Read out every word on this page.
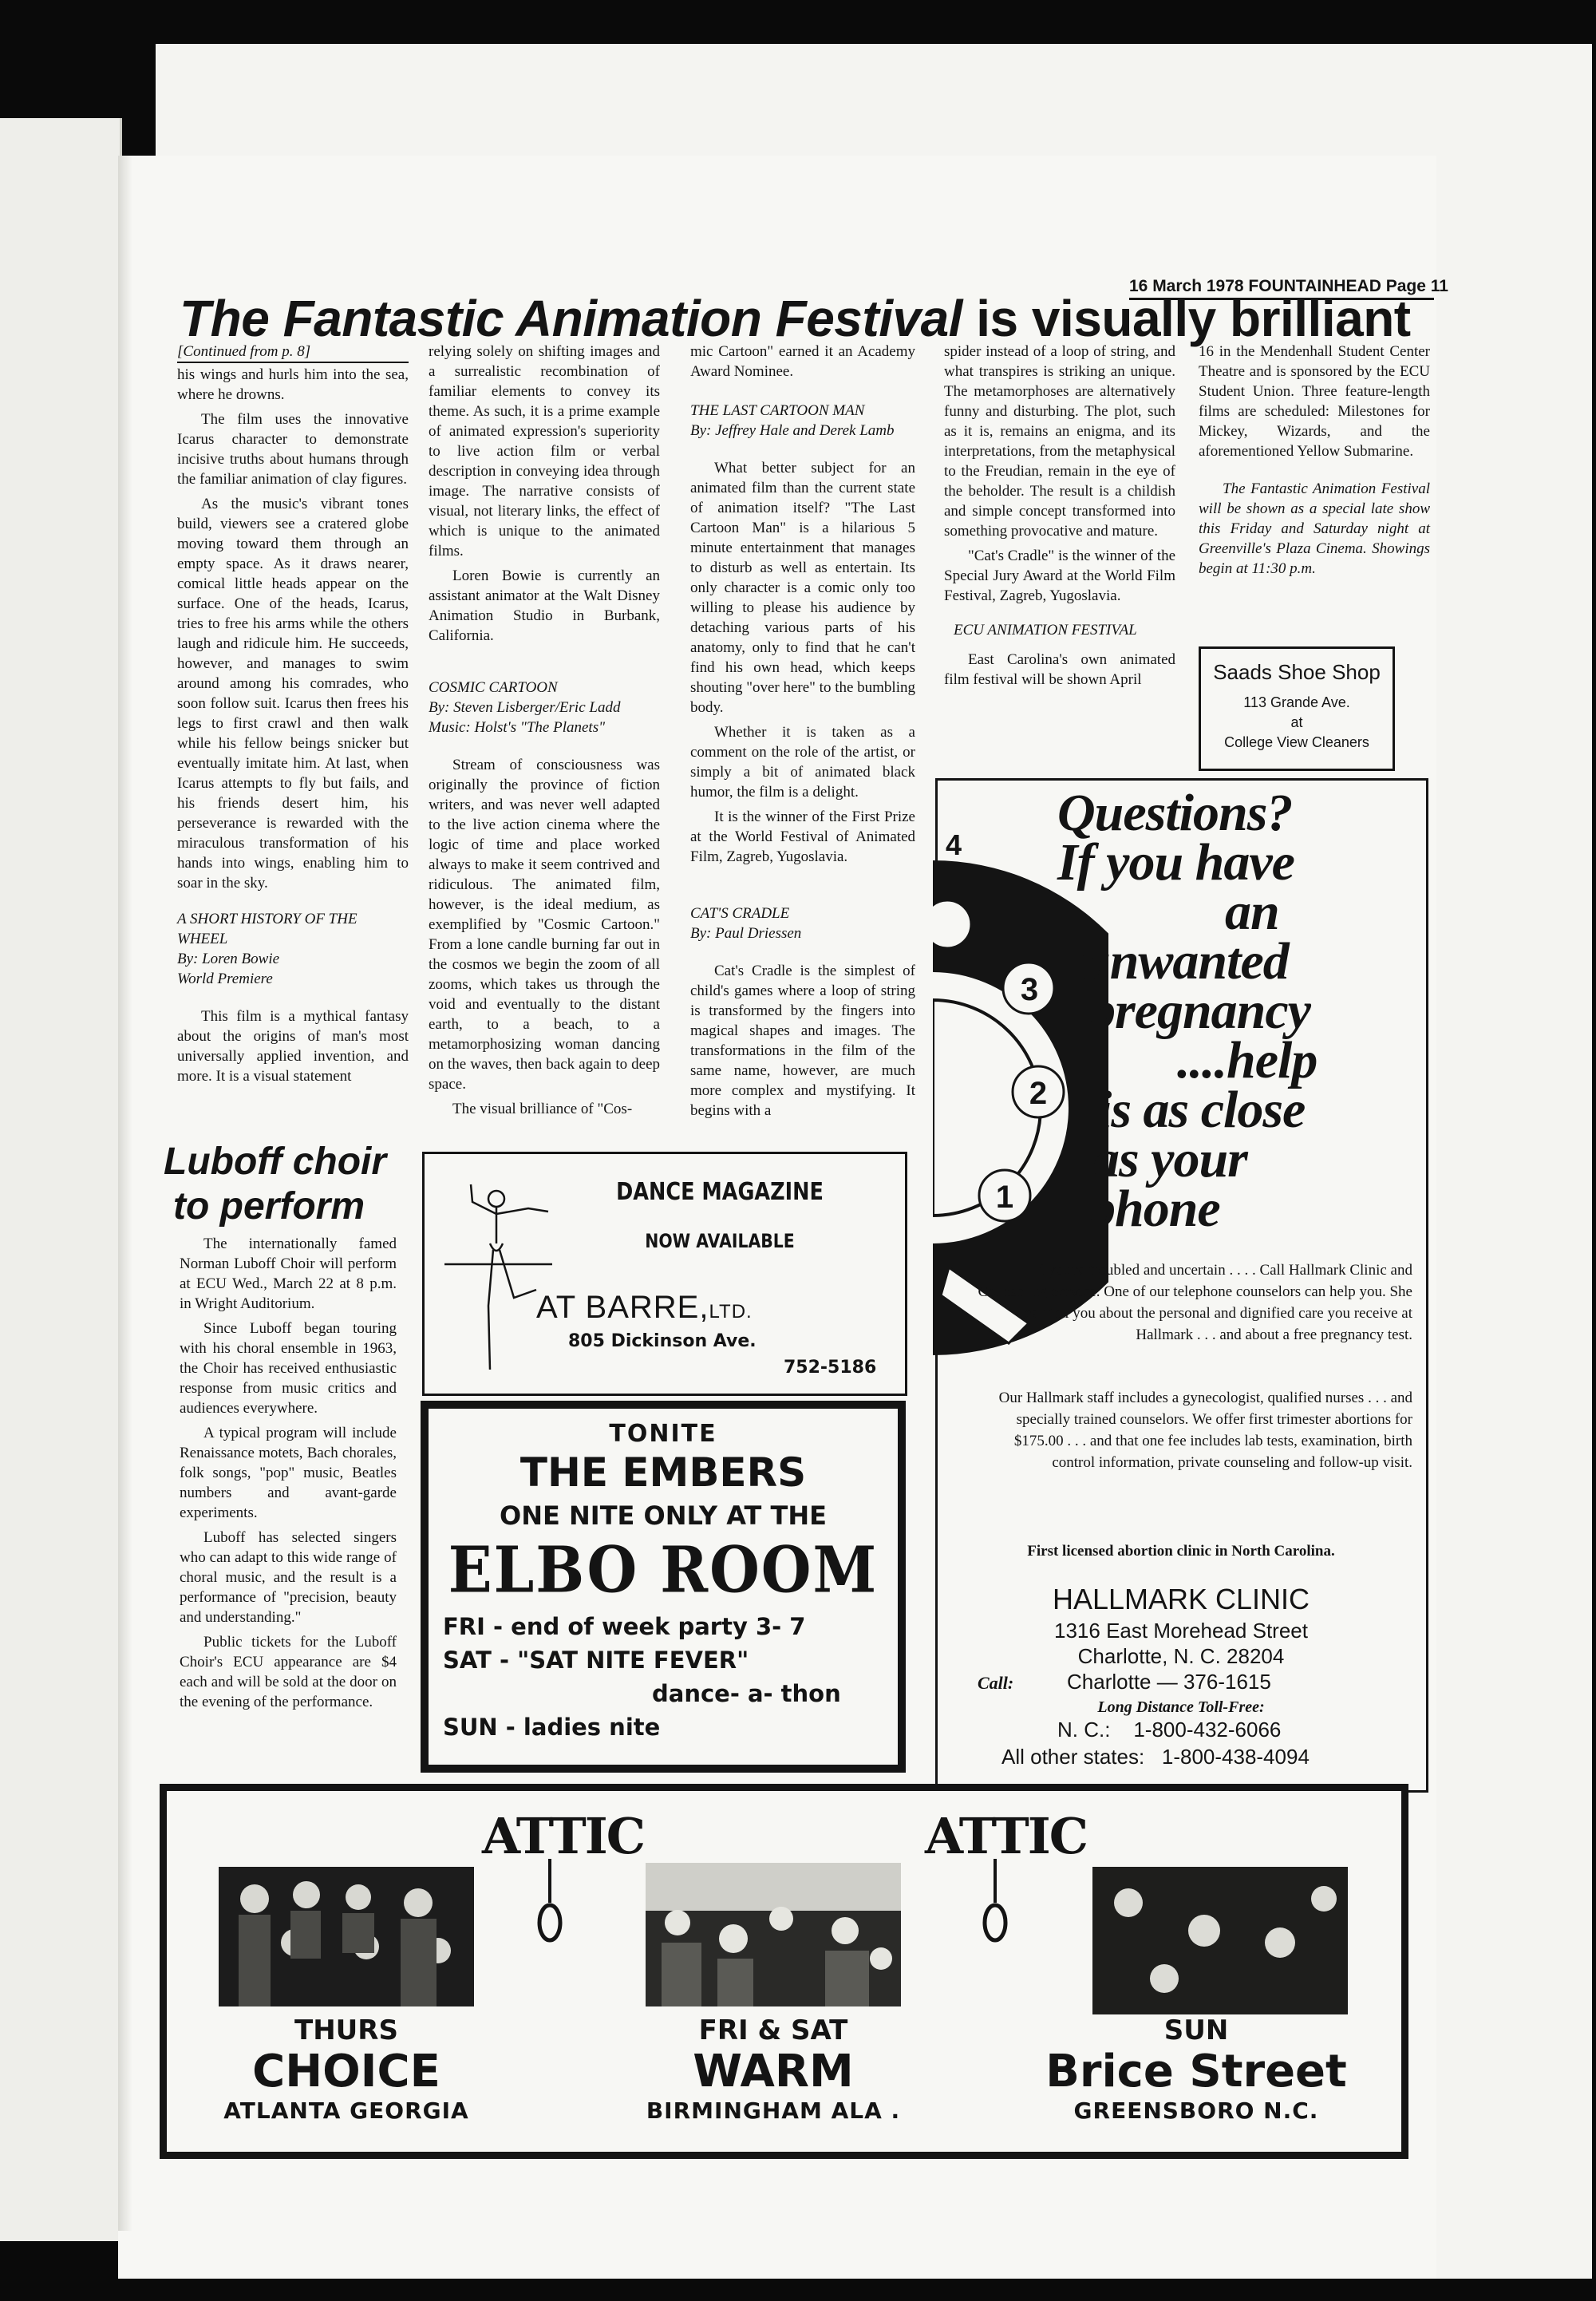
16 March 1978 FOUNTAINHEAD Page 11
The Fantastic Animation Festival is visually brilliant

[Continued from p. 8]

his wings and hurls him into the sea, where he drowns.

The film uses the innovative Icarus character to demonstrate incisive truths about humans through the familiar animation of clay figures.

As the music's vibrant tones build, viewers see a cratered globe moving toward them through an empty space. As it draws nearer, comical little heads appear on the surface. One of the heads, Icarus, tries to free his arms while the others laugh and ridicule him. He succeeds, however, and manages to swim around among his comrades, who soon follow suit. Icarus then frees his legs to first crawl and then walk while his fellow beings snicker but eventually imitate him. At last, when Icarus attempts to fly but fails, and his friends desert him, his perseverance is rewarded with the miraculous transformation of his hands into wings, enabling him to soar in the sky.

A SHORT HISTORY OF THE WHEEL

By: Loren Bowie

World Premiere

This film is a mythical fantasy about the origins of man's most universally applied invention, and more. It is a visual statement

Luboff choir
to perform

The internationally famed Norman Luboff Choir will perform at ECU Wed., March 22 at 8 p.m. in Wright Auditorium.

Since Luboff began touring with his choral ensemble in 1963, the Choir has received enthusiastic response from music critics and audiences everywhere.

A typical program will include Renaissance motets, Bach chorales, folk songs, "pop" music, Beatles numbers and avant-garde experiments.

Luboff has selected singers who can adapt to this wide range of choral music, and the result is a performance of "precision, beauty and understanding."

Public tickets for the Luboff Choir's ECU appearance are $4 each and will be sold at the door on the evening of the performance.

relying solely on shifting images and a surrealistic recombination of familiar elements to convey its theme. As such, it is a prime example of animated expression's superiority to live action film or verbal description in conveying idea through image. The narrative consists of visual, not literary links, the effect of which is unique to the animated films.

Loren Bowie is currently an assistant animator at the Walt Disney Animation Studio in Burbank, California.

COSMIC CARTOON

By: Steven Lisberger/Eric Ladd

Music: Holst's "The Planets"

Stream of consciousness was originally the province of fiction writers, and was never well adapted to the live action cinema where the logic of time and place worked always to make it seem contrived and ridiculous. The animated film, however, is the ideal medium, as exemplified by "Cosmic Cartoon." From a lone candle burning far out in the cosmos we begin the zoom of all zooms, which takes us through the void and eventually to the distant earth, to a beach, to a metamorphosizing woman dancing on the waves, then back again to deep space.

The visual brilliance of "Cos-

mic Cartoon" earned it an Academy Award Nominee.

THE LAST CARTOON MAN

By: Jeffrey Hale and Derek Lamb

What better subject for an animated film than the current state of animation itself? "The Last Cartoon Man" is a hilarious 5 minute entertainment that manages to disturb as well as entertain. Its only character is a comic only too willing to please his audience by detaching various parts of his anatomy, only to find that he can't find his own head, which keeps shouting "over here" to the bumbling body.

Whether it is taken as a comment on the role of the artist, or simply a bit of animated black humor, the film is a delight.

It is the winner of the First Prize at the World Festival of Animated Film, Zagreb, Yugoslavia.

CAT'S CRADLE

By: Paul Driessen

Cat's Cradle is the simplest of child's games where a loop of string is transformed by the fingers into magical shapes and images. The transformations in the film of the same name, however, are much more complex and mystifying. It begins with a

spider instead of a loop of string, and what transpires is striking an unique. The metamorphoses are alternatively funny and disturbing. The plot, such as it is, remains an enigma, and its interpretations, from the metaphysical to the Freudian, remain in the eye of the beholder. The result is a childish and simple concept transformed into something provocative and mature.

"Cat's Cradle" is the winner of the Special Jury Award at the World Film Festival, Zagreb, Yugoslavia.

ECU ANIMATION FESTIVAL

East Carolina's own animated film festival will be shown April

16 in the Mendenhall Student Center Theatre and is sponsored by the ECU Student Union. Three feature-length films are scheduled: Milestones for Mickey, Wizards, and the aforementioned Yellow Submarine.

The Fantastic Animation Festival will be shown as a special late show this Friday and Saturday night at Greenville's Plaza Cinema. Showings begin at 11:30 p.m.

Saads Shoe Shop
113 Grande Ave.
at
College View Cleaners
DANCE MAGAZINE
NOW AVAILABLE
AT BARRE,LTD.
805 Dickinson Ave.
752-5186
TONITE
THE EMBERS
ONE NITE ONLY AT THE
ELBO ROOM
FRI - end of week party 3- 7
SAT - "SAT NITE FEVER"
dance- a- thon
SUN - ladies nite
4
3
2
1
Questions?
If you have
an
unwanted
pregnancy
....help
is as close
as your
phone
If you're troubled and uncertain . . . . Call Hallmark Clinic and Counseling Service. One of our telephone counselors can help you. She can tell you about the personal and dignified care you receive at Hallmark . . . and about a free pregnancy test.
Our Hallmark staff includes a gynecologist, qualified nurses . . . and specially trained counselors. We offer first trimester abortions for $175.00 . . . and that one fee includes lab tests, examination, birth control information, private counseling and follow-up visit.
First licensed abortion clinic in North Carolina.
HALLMARK CLINIC
1316 East Morehead Street
Charlotte, N. C. 28204
Call:	Charlotte — 376-1615
Long Distance Toll-Free:
N. C.:    1-800-432-6066
All other states:   1-800-438-4094
ATTIC	ATTIC
THURS
CHOICE
ATLANTA GEORGIA
FRI & SAT
WARM
BIRMINGHAM ALA .
SUN
Brice Street
GREENSBORO N.C.
